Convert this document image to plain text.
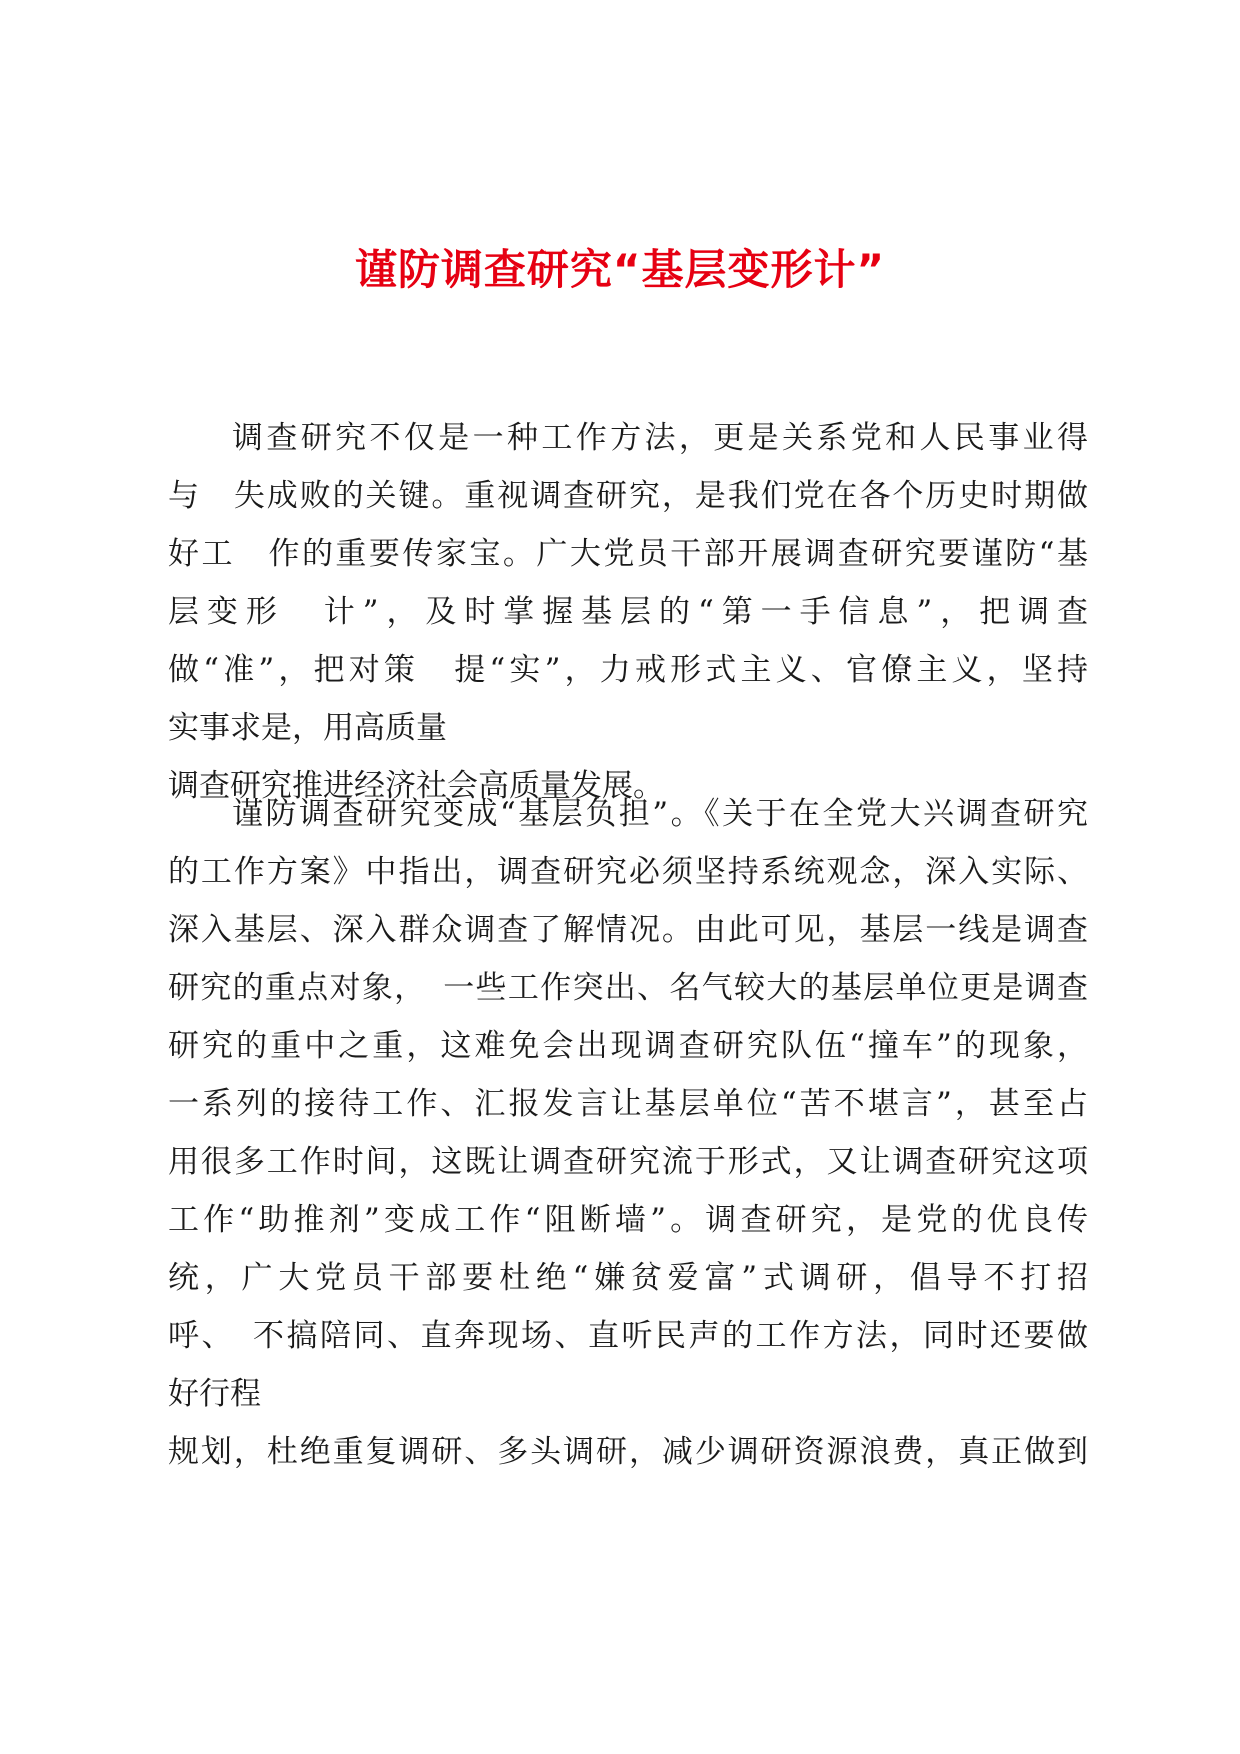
谨防调查研究“基层变形计”
调查研究不仅是一种工作方法，更是关系党和人民事业得
与　失成败的关键。重视调查研究，是我们党在各个历史时期做
好工　作的重要传家宝。广大党员干部开展调查研究要谨防“基
层变形　计”，及时掌握基层的“第一手信息”，把调查
做“准”，把对策　提“实”，力戒形式主义、官僚主义，坚持
实事求是，用高质量
调查研究推进经济社会高质量发展。
谨防调查研究变成“基层负担”。《关于在全党大兴调查研究
的工作方案》中指出，调查研究必须坚持系统观念，深入实际、
深入基层、深入群众调查了解情况。由此可见，基层一线是调查
研究的重点对象，　一些工作突出、名气较大的基层单位更是调查
研究的重中之重，这难免会出现调查研究队伍“撞车”的现象，
一系列的接待工作、汇报发言让基层单位“苦不堪言”，甚至占
用很多工作时间，这既让调查研究流于形式，又让调查研究这项
工作“助推剂”变成工作“阻断墙”。调查研究，是党的优良传
统，广大党员干部要杜绝“嫌贫爱富”式调研，倡导不打招
呼、　不搞陪同、直奔现场、直听民声的工作方法，同时还要做
好行程
规划，杜绝重复调研、多头调研，减少调研资源浪费，真正做到
